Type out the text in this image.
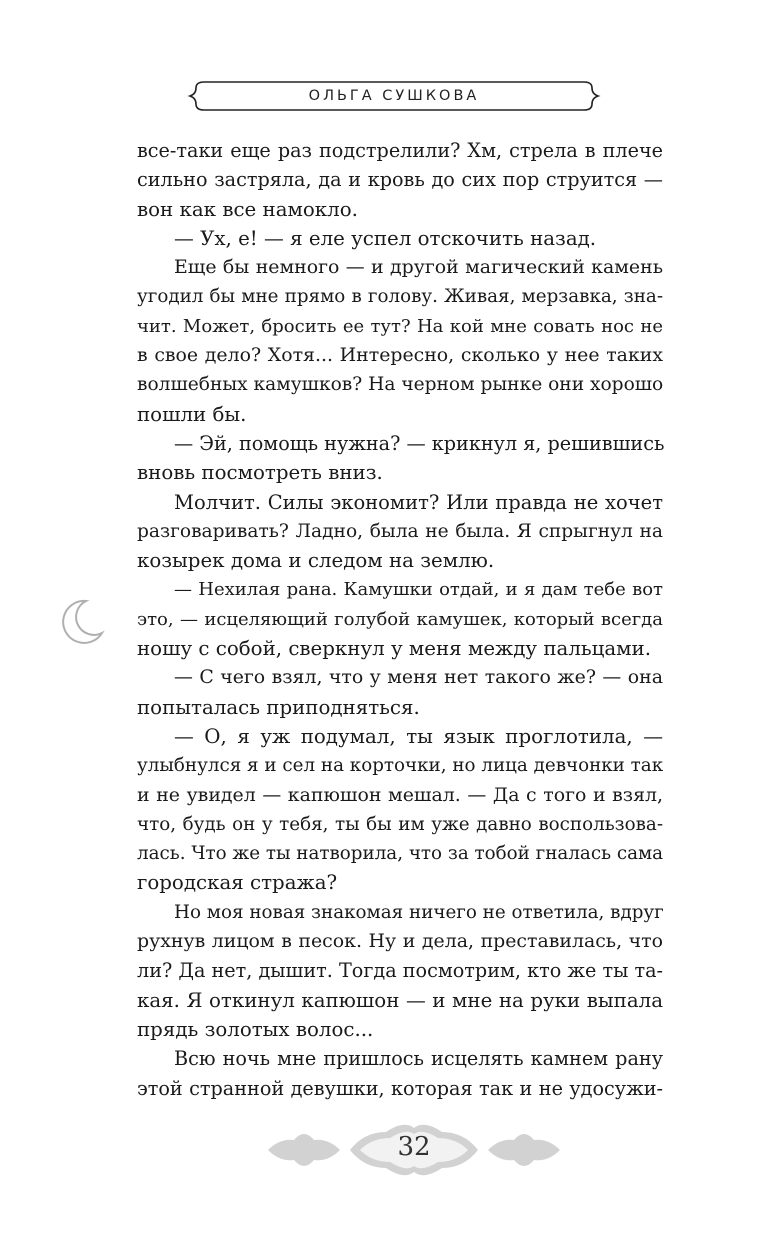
ОЛЬГА СУШКОВА
все-таки еще раз подстрелили? Хм, стрела в плече
сильно застряла, да и кровь до сих пор струится —
вон как все намокло.
— Ух, е! — я еле успел отскочить назад.
Еще бы немного — и другой магический камень
угодил бы мне прямо в голову. Живая, мерзавка, зна-
чит. Может, бросить ее тут? На кой мне совать нос не
в свое дело? Хотя... Интересно, сколько у нее таких
волшебных камушков? На черном рынке они хорошо
пошли бы.
— Эй, помощь нужна? — крикнул я, решившись
вновь посмотреть вниз.
Молчит. Силы экономит? Или правда не хочет
разговаривать? Ладно, была не была. Я спрыгнул на
козырек дома и следом на землю.
— Нехилая рана. Камушки отдай, и я дам тебе вот
это, — исцеляющий голубой камушек, который всегда
ношу с собой, сверкнул у меня между пальцами.
— С чего взял, что у меня нет такого же? — она
попыталась приподняться.
— О, я уж подумал, ты язык проглотила, —
улыбнулся я и сел на корточки, но лица девчонки так
и не увидел — капюшон мешал. — Да с того и взял,
что, будь он у тебя, ты бы им уже давно воспользова-
лась. Что же ты натворила, что за тобой гналась сама
городская стража?
Но моя новая знакомая ничего не ответила, вдруг
рухнув лицом в песок. Ну и дела, преставилась, что
ли? Да нет, дышит. Тогда посмотрим, кто же ты та-
кая. Я откинул капюшон — и мне на руки выпала
прядь золотых волос...
Всю ночь мне пришлось исцелять камнем рану
этой странной девушки, которая так и не удосужи-
32
